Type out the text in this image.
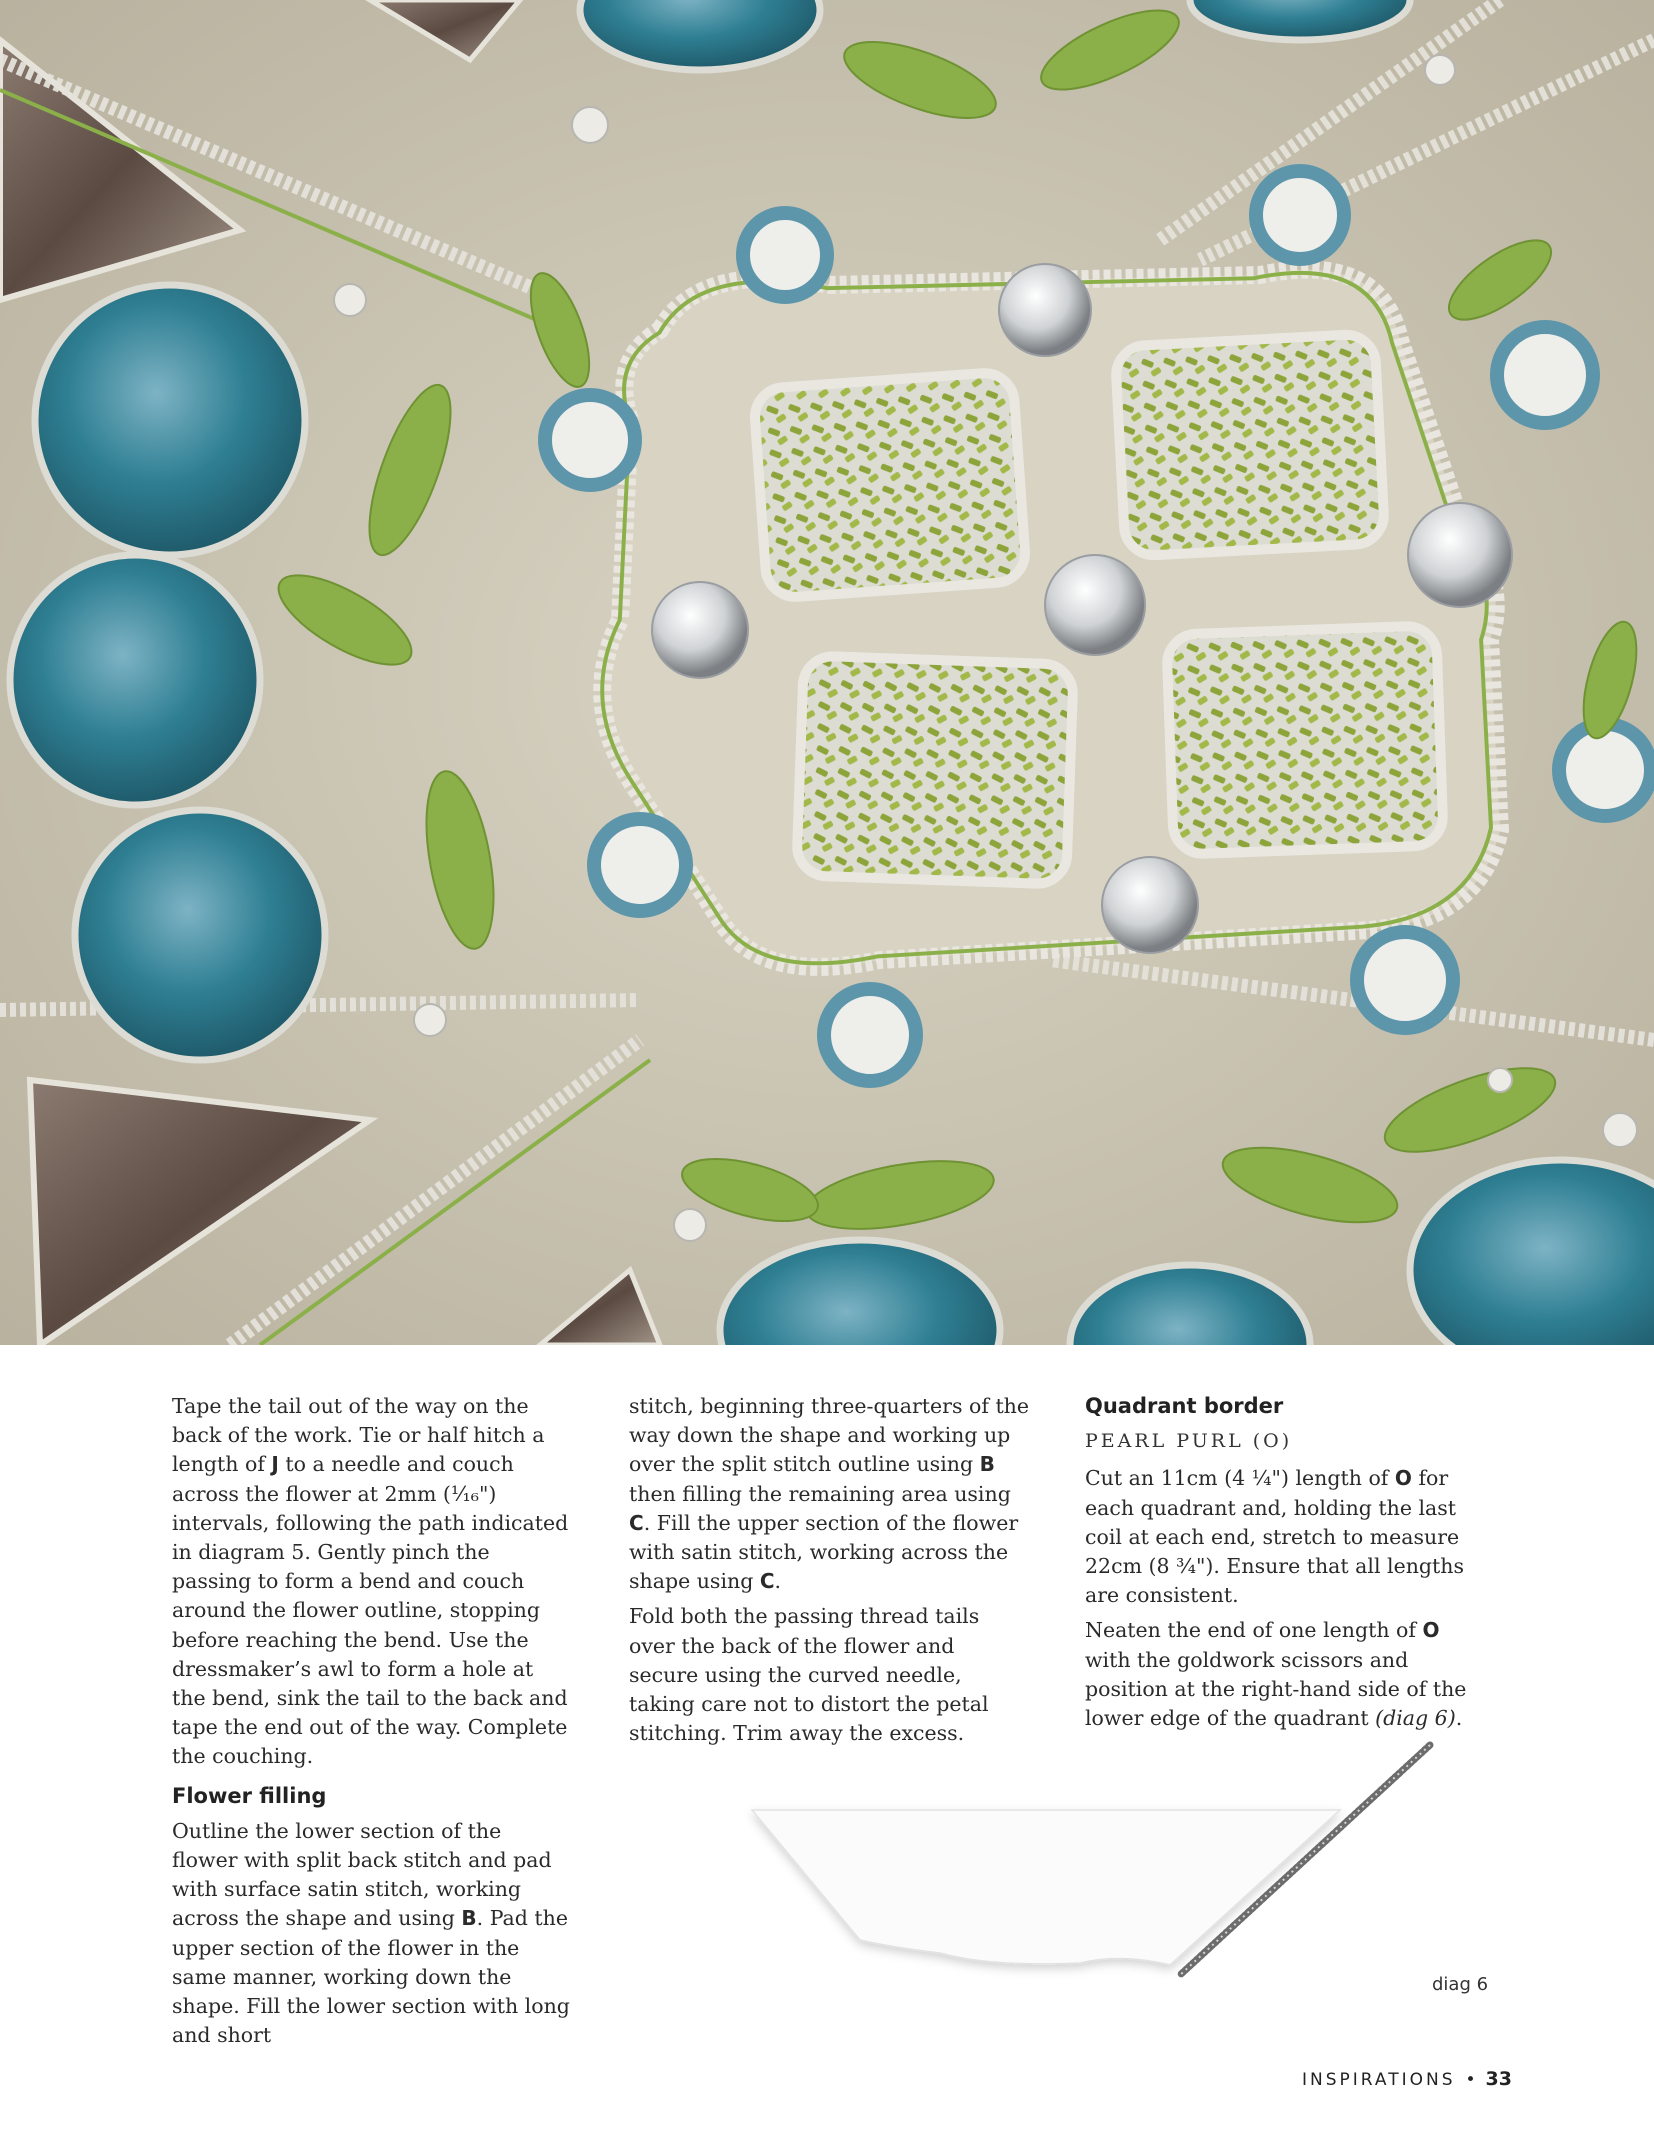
Tape the tail out of the way on the back of the work. Tie or half hitch a length of J to a needle and couch across the flower at 2mm (¹⁄₁₆") intervals, following the path indicated in diagram 5. Gently pinch the passing to form a bend and couch around the flower outline, stopping before reaching the bend. Use the dressmaker’s awl to form a hole at the bend, sink the tail to the back and tape the end out of the way. Complete the couching.

Flower filling

Outline the lower section of the flower with split back stitch and pad with surface satin stitch, working across the shape and using B. Pad the upper section of the flower in the same manner, working down the shape. Fill the lower section with long and short

stitch, beginning three-quarters of the way down the shape and working up over the split stitch outline using B then filling the remaining area using C. Fill the upper section of the flower with satin stitch, working across the shape using C.

Fold both the passing thread tails over the back of the flower and secure using the curved needle, taking care not to distort the petal stitching. Trim away the excess.

Quadrant border
PEARL PURL (O)

Cut an 11cm (4 ¼") length of O for each quadrant and, holding the last coil at each end, stretch to measure 22cm (8 ¾"). Ensure that all lengths are consistent.

Neaten the end of one length of O with the goldwork scissors and position at the right-hand side of the lower edge of the quadrant (diag 6).

diag 6
INSPIRATIONS • 33
